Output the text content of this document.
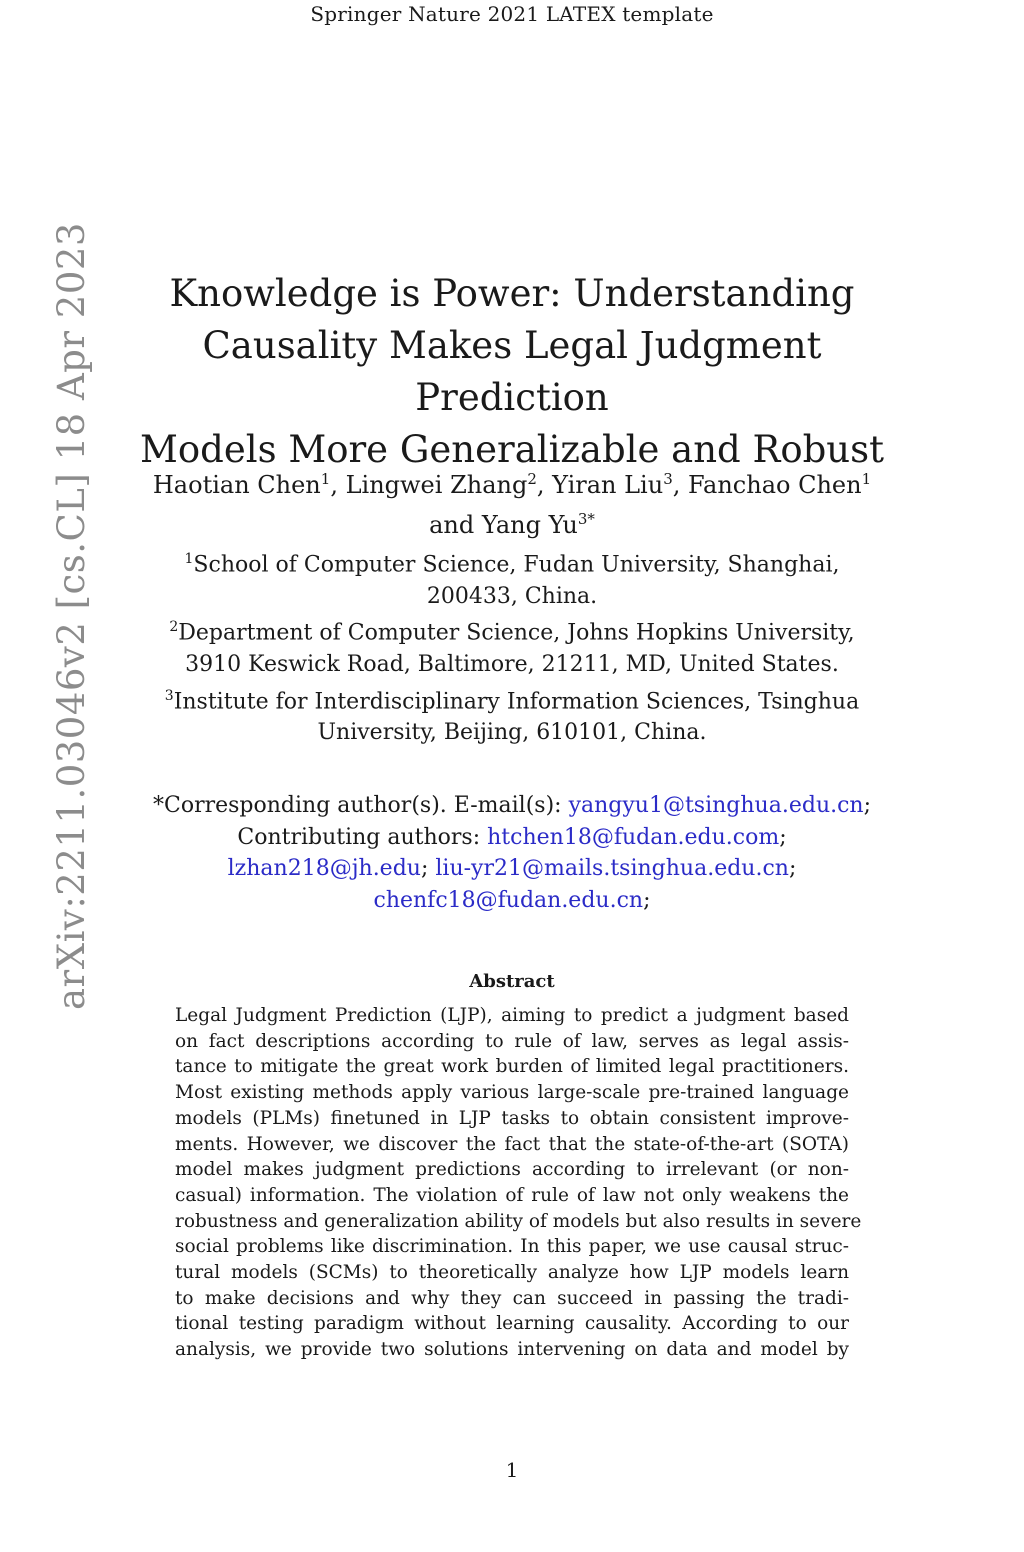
Springer Nature 2021 LATEX template
arXiv:2211.03046v2 [cs.CL] 18 Apr 2023	Knowledge is Power: Understanding
Causality Makes Legal Judgment Prediction
Models More Generalizable and Robust
Haotian Chen$^1$, Lingwei Zhang$^2$, Yiran Liu$^3$, Fanchao Chen$^1$
and Yang $Yu^{3*}$
$^1$School of Computer Science, Fudan University, Shanghai,
200433, China.
$^2$Department of Computer Science, Johns Hopkins University,
3910 Keswick Road, Baltimore, 21211, MD, United States.
$^3$Institute for Interdisciplinary Information Sciences, Tsinghua
University, Beijing, 610101, China.
*Corresponding author(s). E-mail(s): yangyu1@tsinghua.edu.cn;
Contributing authors: htchen18@fudan.edu.com;
lzhan218@jh.edu; liu-yr21@mails.tsinghua.edu.cn;
chenfc18@fudan.edu.cn;
Abstract
Legal Judgment Prediction (LJP), aiming to predict a judgment based
on fact descriptions according to rule of law, serves as legal assis-
tance to mitigate the great work burden of limited legal practitioners.
Most existing methods apply various large-scale pre-trained language
models (PLMs) finetuned in LJP tasks to obtain consistent improve-
ments. However, we discover the fact that the state-of-the-art (SOTA)
model makes judgment predictions according to irrelevant (or non-
casual) information. The violation of rule of law not only weakens the
robustness and generalization ability of models but also results in severe
social problems like discrimination. In this paper, we use causal struc-
tural models (SCMs) to theoretically analyze how LJP models learn
to make decisions and why they can succeed in passing the tradi-
tional testing paradigm without learning causality. According to our
analysis, we provide two solutions intervening on data and model by
1
